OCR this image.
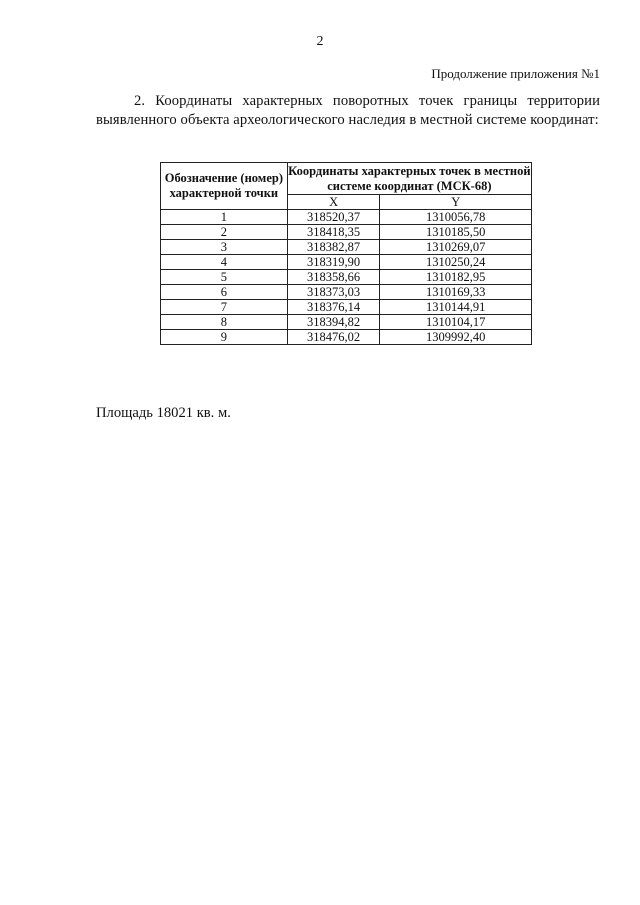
2
Продолжение приложения №1

2. Координаты характерных поворотных точек границы территории выявленного объекта археологического наследия в местной системе координат:

Обозначение (номер) характерной точки	Координаты характерных точек в местной системе координат (МСК-68)	
	X	Y
1	318520,37	1310056,78
2	318418,35	1310185,50
3	318382,87	1310269,07
4	318319,90	1310250,24
5	318358,66	1310182,95
6	318373,03	1310169,33
7	318376,14	1310144,91
8	318394,82	1310104,17
9	318476,02	1309992,40
Площадь 18021 кв. м.
